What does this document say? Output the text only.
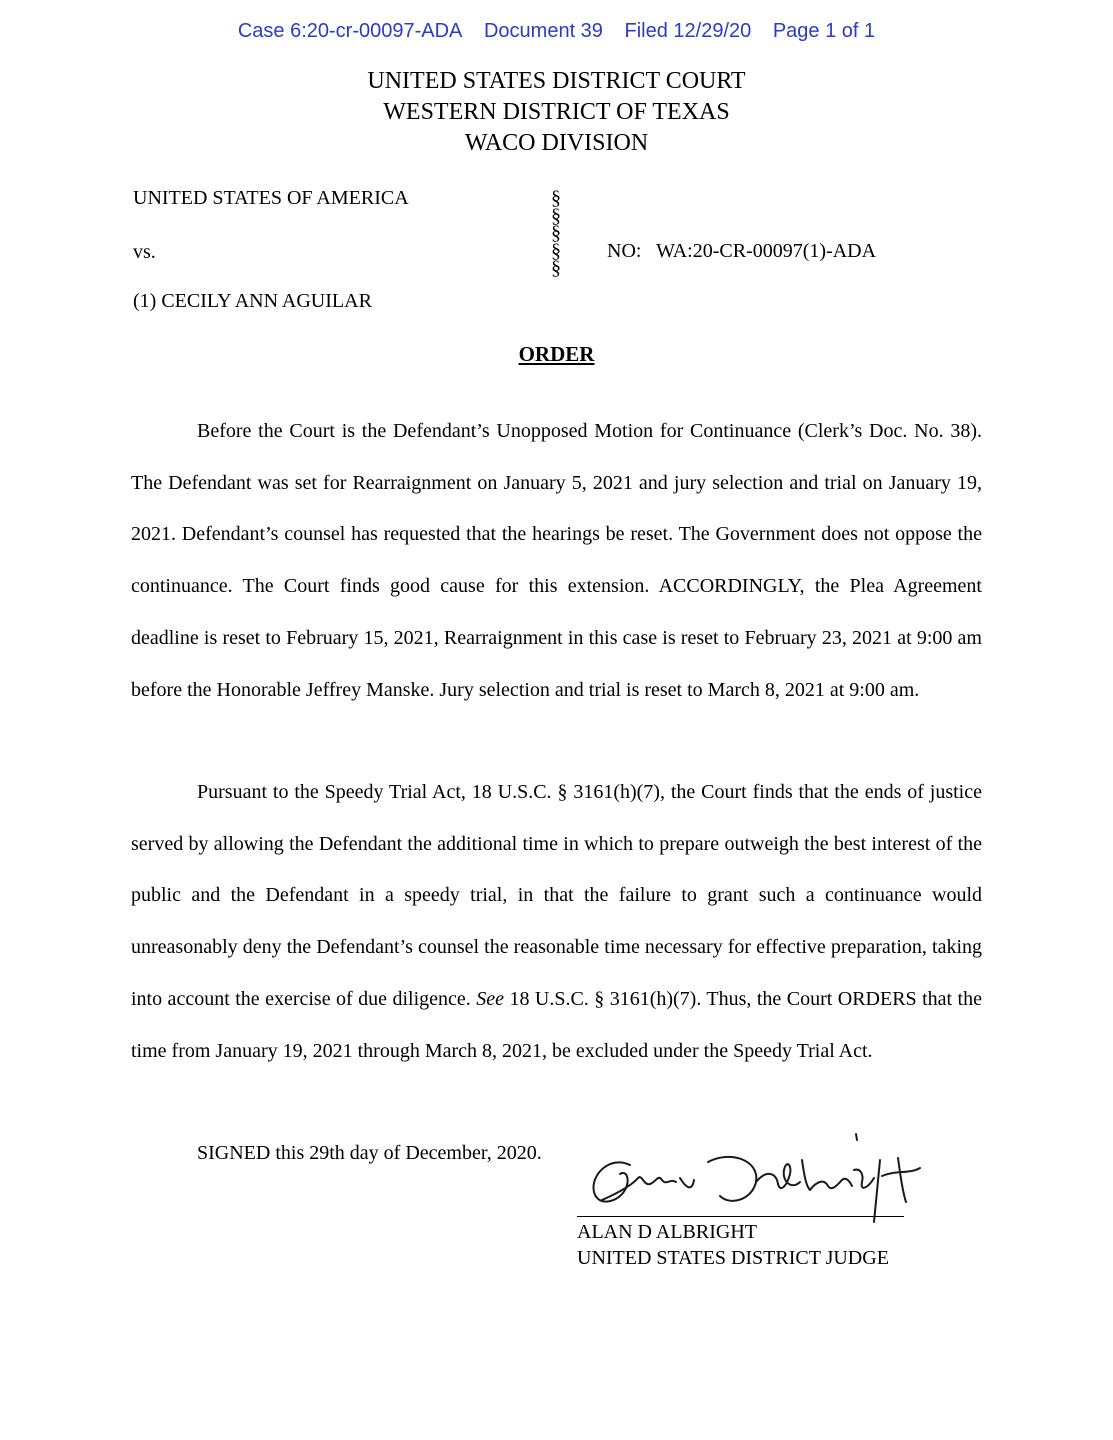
Case 6:20-cr-00097-ADA Document 39 Filed 12/29/20 Page 1 of 1
UNITED STATES DISTRICT COURT
WESTERN DISTRICT OF TEXAS
WACO DIVISION
UNITED STATES OF AMERICA
vs.
(1) CECILY ANN AGUILAR
§
§
§
§
§
NO:   WA:20-CR-00097(1)-ADA
ORDER

Before the Court is the Defendant’s Unopposed Motion for Continuance (Clerk’s Doc. No. 38). The Defendant was set for Rearraignment on January 5, 2021 and jury selection and trial on January 19, 2021. Defendant’s counsel has requested that the hearings be reset. The Government does not oppose the continuance. The Court finds good cause for this extension. ACCORDINGLY, the Plea Agreement deadline is reset to February 15, 2021, Rearraignment in this case is reset to February 23, 2021 at 9:00 am before the Honorable Jeffrey Manske. Jury selection and trial is reset to March 8, 2021 at 9:00 am.

Pursuant to the Speedy Trial Act, 18 U.S.C. § 3161(h)(7), the Court finds that the ends of justice served by allowing the Defendant the additional time in which to prepare outweigh the best interest of the public and the Defendant in a speedy trial, in that the failure to grant such a continuance would unreasonably deny the Defendant’s counsel the reasonable time necessary for effective preparation, taking into account the exercise of due diligence. See 18 U.S.C. § 3161(h)(7). Thus, the Court ORDERS that the time from January 19, 2021 through March 8, 2021, be excluded under the Speedy Trial Act.

SIGNED this 29th day of December, 2020.
ALAN D ALBRIGHT
UNITED STATES DISTRICT JUDGE
